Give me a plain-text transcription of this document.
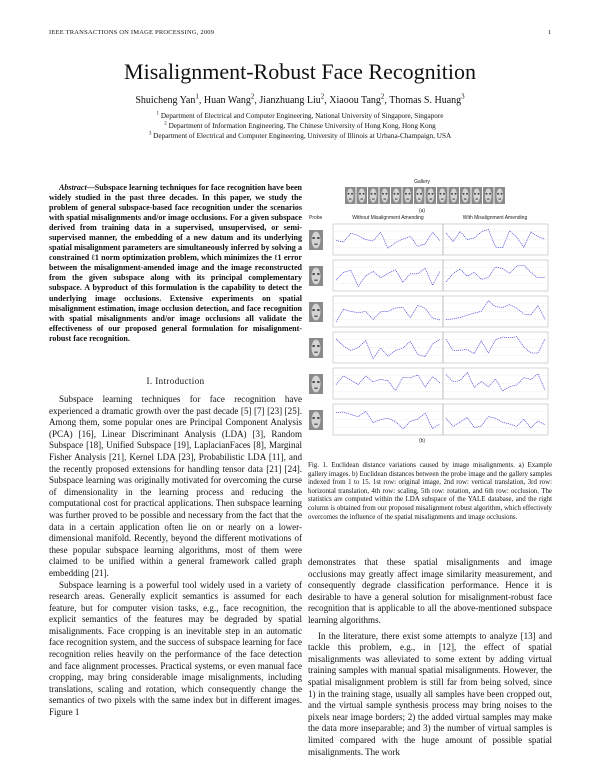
IEEE TRANSACTIONS ON IMAGE PROCESSING, 2009	1
Misalignment-Robust Face Recognition
Shuicheng Yan$^1$, Huan Wang$^2$, Jianzhuang Liu$^2$, Xiaoou Tang$^2$, Thomas S. Huang$^3$
$^1$ Department of Electrical and Computer Engineering, National University of Singapore, Singapore
$^2$ Department of Information Engineering, The Chinese University of Hong Kong, Hong Kong
$^3$ Department of Electrical and Computer Engineering, University of Illinois at Urbana-Champaign, USA
Abstract—Subspace learning techniques for face recognition have been widely studied in the past three decades. In this paper, we study the problem of general subspace-based face recognition under the scenarios with spatial misalignments and/or image occlusions. For a given subspace derived from training data in a supervised, unsupervised, or semi-supervised manner, the embedding of a new datum and its underlying spatial misalignment parameters are simultaneously inferred by solving a constrained ℓ1 norm optimization problem, which minimizes the ℓ1 error between the misalignment-amended image and the image reconstructed from the given subspace along with its principal complementary subspace. A byproduct of this formulation is the capability to detect the underlying image occlusions. Extensive experiments on spatial misalignment estimation, image occlusion detection, and face recognition with spatial misalignments and/or image occlusions all validate the effectiveness of our proposed general formulation for misalignment-robust face recognition.
I. Introduction

Subspace learning techniques for face recognition have experienced a dramatic growth over the past decade [5] [7] [23] [25]. Among them, some popular ones are Principal Component Analysis (PCA) [16], Linear Discriminant Analysis (LDA) [3], Random Subspace [18], Unified Subspace [19], LaplacianFaces [8], Marginal Fisher Analysis [21], Kernel LDA [23], Probabilistic LDA [11], and the recently proposed extensions for handling tensor data [21] [24]. Subspace learning was originally motivated for overcoming the curse of dimensionality in the learning process and reducing the computational cost for practical applications. Then subspace learning was further proved to be possible and necessary from the fact that the data in a certain application often lie on or nearly on a lower-dimensional manifold. Recently, beyond the different motivations of these popular subspace learning algorithms, most of them were claimed to be unified within a general framework called graph embedding [21].

Subspace learning is a powerful tool widely used in a variety of research areas. Generally explicit semantics is assumed for each feature, but for computer vision tasks, e.g., face recognition, the explicit semantics of the features may be degraded by spatial misalignments. Face cropping is an inevitable step in an automatic face recognition system, and the success of subspace learning for face recognition relies heavily on the performance of the face detection and face alignment processes. Practical systems, or even manual face cropping, may bring considerable image misalignments, including translations, scaling and rotation, which consequently change the semantics of two pixels with the same index but in different images. Figure 1

Gallery
(a)
Probe	Without Misalignment Amending	With Misalignment Amending
(b)
Fig. 1. Euclidean distance variations caused by image misalignments. a) Example gallery images. b) Euclidean distances between the probe image and the gallery samples indexed from 1 to 15. 1st row: original image, 2nd row: vertical translation, 3rd row: horizontal translation, 4th row: scaling, 5th row: rotation, and 6th row: occlusion. The statistics are computed within the LDA subspace of the YALE database, and the right column is obtained from our proposed misalignment robust algorithm, which effectively overcomes the influence of the spatial misalignments and image occlusions.

demonstrates that these spatial misalignments and image occlusions may greatly affect image similarity measurement, and consequently degrade classification performance. Hence it is desirable to have a general solution for misalignment-robust face recognition that is applicable to all the above-mentioned subspace learning algorithms.

In the literature, there exist some attempts to analyze [13] and tackle this problem, e.g., in [12], the effect of spatial misalignments was alleviated to some extent by adding virtual training samples with manual spatial misalignments. However, the spatial misalignment problem is still far from being solved, since 1) in the training stage, usually all samples have been cropped out, and the virtual sample synthesis process may bring noises to the pixels near image borders; 2) the added virtual samples may make the data more inseparable; and 3) the number of virtual samples is limited compared with the huge amount of possible spatial misalignments. The work
